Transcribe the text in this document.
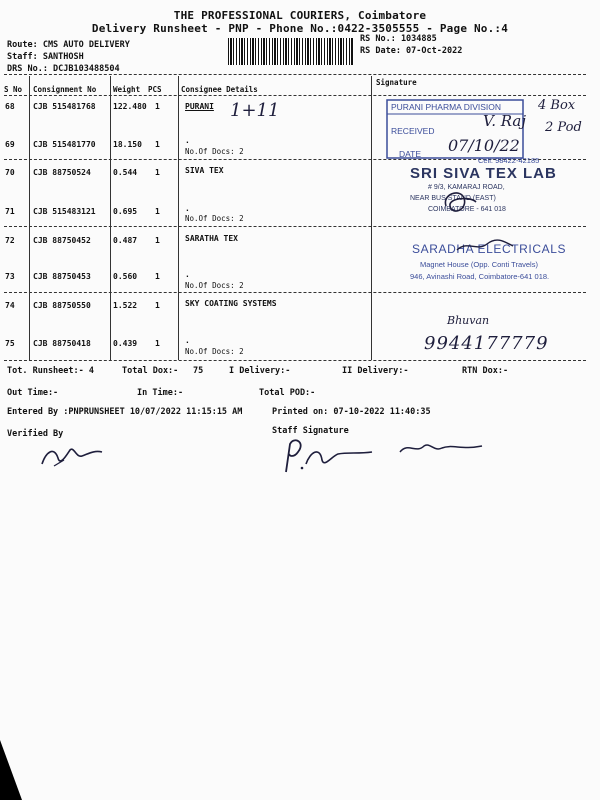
THE PROFESSIONAL COURIERS, Coimbatore
Delivery Runsheet - PNP - Phone No.:0422-3505555 - Page No.:4
Route: CMS AUTO DELIVERY
Staff: SANTHOSH
DRS No.: DCJB103488504
RS No.: 1034885
RS Date: 07-Oct-2022
S No Consignment No Weight PCS	Consignee Details
Signature
68 CJB 515481768 122.480 1	PURANI
69 CJB 515481770 18.150 1	.
No.Of Docs: 2
70 CJB 88750524	0.544 1	SIVA TEX
71 CJB 515483121 0.695 1	.
No.Of Docs: 2
72 CJB 88750452	0.487 1	SARATHA TEX
73 CJB 88750453	0.560 1	.
No.Of Docs: 2
74 CJB 88750550	1.522 1	SKY COATING SYSTEMS
75 CJB 88750418	0.439 1	.
No.Of Docs: 2
1+11	PURANI PHARMA DIVISION
RECEIVED
DATE
V. Raj
07/10/22
4 Box
2 Pod
Cell: 98422-42185
SRI SIVA TEX LAB
# 9/3, KAMARAJ ROAD,
NEAR BUS STAND (EAST)
COIMBATORE - 641 018
SARADHA ELECTRICALS
Magnet House (Opp. Conti Travels)
946, Avinashi Road, Coimbatore-641 018.
Bhuvan
9944177779
Tot. Runsheet:- 4	Total Dox:- 75	I Delivery:-	II Delivery:-	RTN Dox:-
Out Time:-	In Time:-	Total POD:-
Entered By :PNPRUNSHEET 10/07/2022 11:15:15 AM	Printed on: 07-10-2022 11:40:35
Verified By	Staff Signature
